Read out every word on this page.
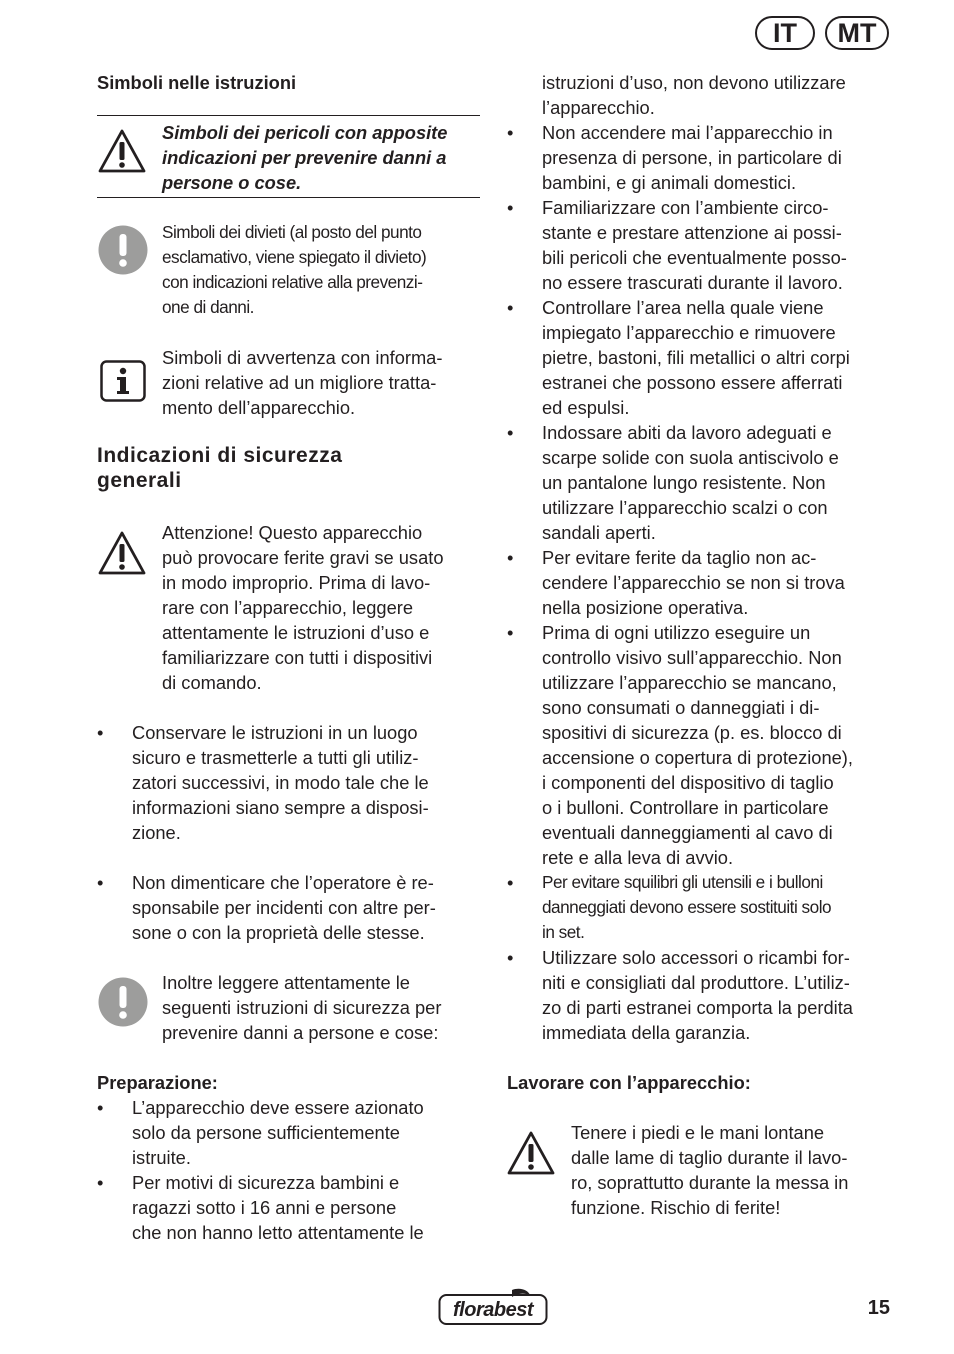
IT	MT
Simboli nelle istruzioni
Simboli dei pericoli con apposite indicazioni per prevenire danni a persone o cose.
Simboli dei divieti (al posto del punto
esclamativo, viene spiegato il divieto)
con indicazioni relative alla prevenzi-
one di danni.
Simboli di avvertenza con informa-
zioni relative ad un migliore tratta-
mento dell’apparecchio.
Indicazioni di sicurezza
generali
Attenzione! Questo apparecchio
può provocare ferite gravi se usato
in modo improprio. Prima di lavo-
rare con l’apparecchio, leggere
attentamente le istruzioni d’uso e
familiarizzare con tutti i dispositivi
di comando.
•	Conservare le istruzioni in un luogo
sicuro e trasmetterle a tutti gli utiliz-
zatori successivi, in modo tale che le
informazioni siano sempre a disposi-
zione.
•	Non dimenticare che l’operatore è re-
sponsabile per incidenti con altre per-
sone o con la proprietà delle stesse.
Inoltre leggere attentamente le
seguenti istruzioni di sicurezza per
prevenire danni a persone e cose:
Preparazione:
•	L’apparecchio deve essere azionato
solo da persone sufficientemente
istruite.
•	Per motivi di sicurezza bambini e
ragazzi sotto i 16 anni e persone
che non hanno letto attentamente le
istruzioni d’uso, non devono utilizzare
l’apparecchio.
•	Non accendere mai l’apparecchio in
presenza di persone, in particolare di
bambini, e gi animali domestici.
•	Familiarizzare con l’ambiente circo-
stante e prestare attenzione ai possi-
bili pericoli che eventualmente posso-
no essere trascurati durante il lavoro.
•	Controllare l’area nella quale viene
impiegato l’apparecchio e rimuovere
pietre, bastoni, fili metallici o altri corpi
estranei che possono essere afferrati
ed espulsi.
•	Indossare abiti da lavoro adeguati e
scarpe solide con suola antiscivolo e
un pantalone lungo resistente. Non
utilizzare l’apparecchio scalzi o con
sandali aperti.
•	Per evitare ferite da taglio non ac-
cendere l’apparecchio se non si trova
nella posizione operativa.
•	Prima di ogni utilizzo eseguire un
controllo visivo sull’apparecchio. Non
utilizzare l’apparecchio se mancano,
sono consumati o danneggiati i di-
spositivi di sicurezza (p. es. blocco di
accensione o copertura di protezione),
i componenti del dispositivo di taglio
o i bulloni. Controllare in particolare
eventuali danneggiamenti al cavo di
rete e alla leva di avvio.
•	Per evitare squilibri gli utensili e i bulloni
danneggiati devono essere sostituiti solo
in set.
•	Utilizzare solo accessori o ricambi for-
niti e consigliati dal produttore. L’utiliz-
zo di parti estranei comporta la perdita
immediata della garanzia.
Lavorare con l’apparecchio:
Tenere i piedi e le mani lontane
dalle lame di taglio durante il lavo-
ro, soprattutto durante la messa in
funzione. Rischio di ferite!
florabest	15
